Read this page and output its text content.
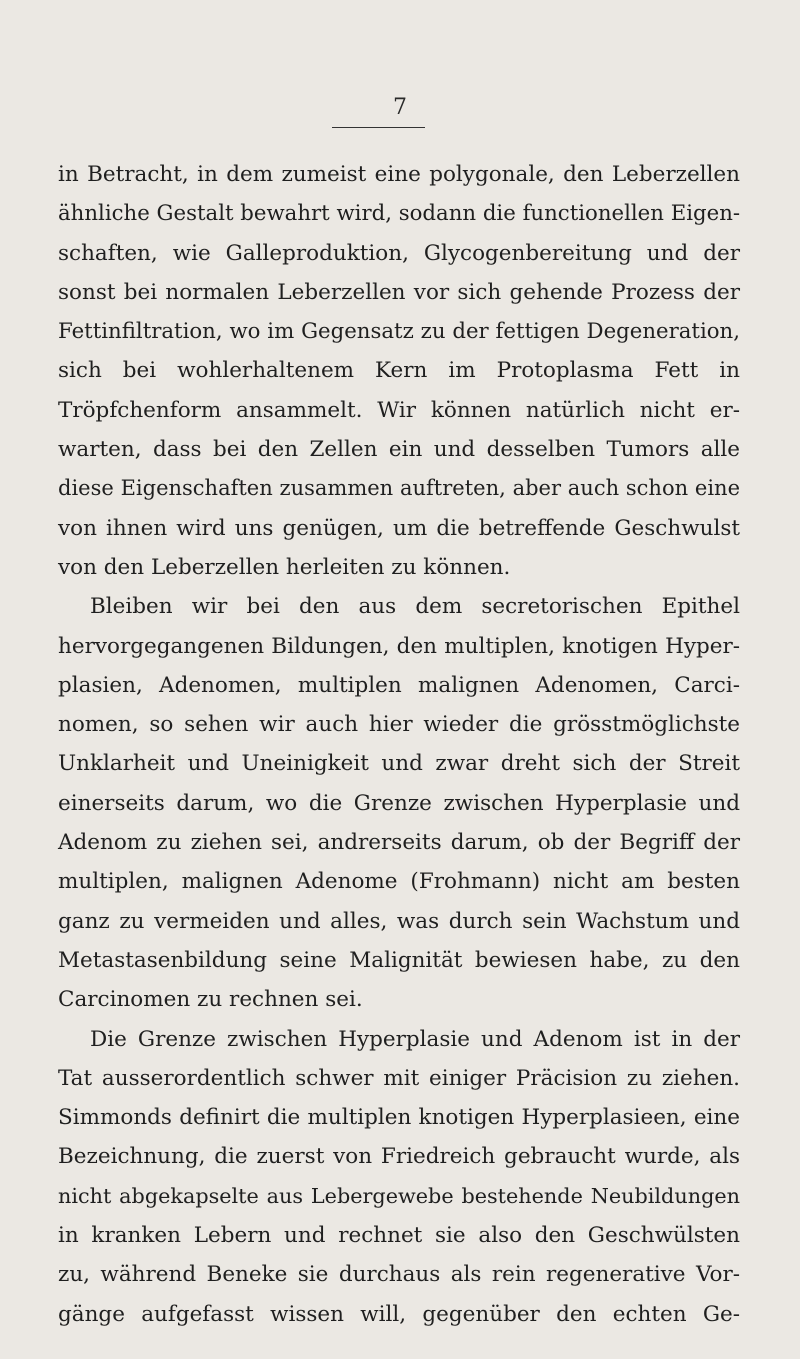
7
in Betracht, in dem zumeist eine polygonale, den Leberzellen
ähnliche Gestalt bewahrt wird, sodann die functionellen Eigen-
schaften, wie Galleproduktion, Glycogenbereitung und der
sonst bei normalen Leberzellen vor sich gehende Prozess der
Fettinfiltration, wo im Gegensatz zu der fettigen Degeneration,
sich bei wohlerhaltenem Kern im Protoplasma Fett in
Tröpfchenform ansammelt. Wir können natürlich nicht er-
warten, dass bei den Zellen ein und desselben Tumors alle
diese Eigenschaften zusammen auftreten, aber auch schon eine
von ihnen wird uns genügen, um die betreffende Geschwulst
von den Leberzellen herleiten zu können.
Bleiben wir bei den aus dem secretorischen Epithel
hervorgegangenen Bildungen, den multiplen, knotigen Hyper-
plasien, Adenomen, multiplen malignen Adenomen, Carci-
nomen, so sehen wir auch hier wieder die grösstmöglichste
Unklarheit und Uneinigkeit und zwar dreht sich der Streit
einerseits darum, wo die Grenze zwischen Hyperplasie und
Adenom zu ziehen sei, andrerseits darum, ob der Begriff der
multiplen, malignen Adenome (Frohmann) nicht am besten
ganz zu vermeiden und alles, was durch sein Wachstum und
Metastasenbildung seine Malignität bewiesen habe, zu den
Carcinomen zu rechnen sei.
Die Grenze zwischen Hyperplasie und Adenom ist in der
Tat ausserordentlich schwer mit einiger Präcision zu ziehen.
Simmonds definirt die multiplen knotigen Hyperplasieen, eine
Bezeichnung, die zuerst von Friedreich gebraucht wurde, als
nicht abgekapselte aus Lebergewebe bestehende Neubildungen
in kranken Lebern und rechnet sie also den Geschwülsten
zu, während Beneke sie durchaus als rein regenerative Vor-
gänge aufgefasst wissen will, gegenüber den echten Ge-
